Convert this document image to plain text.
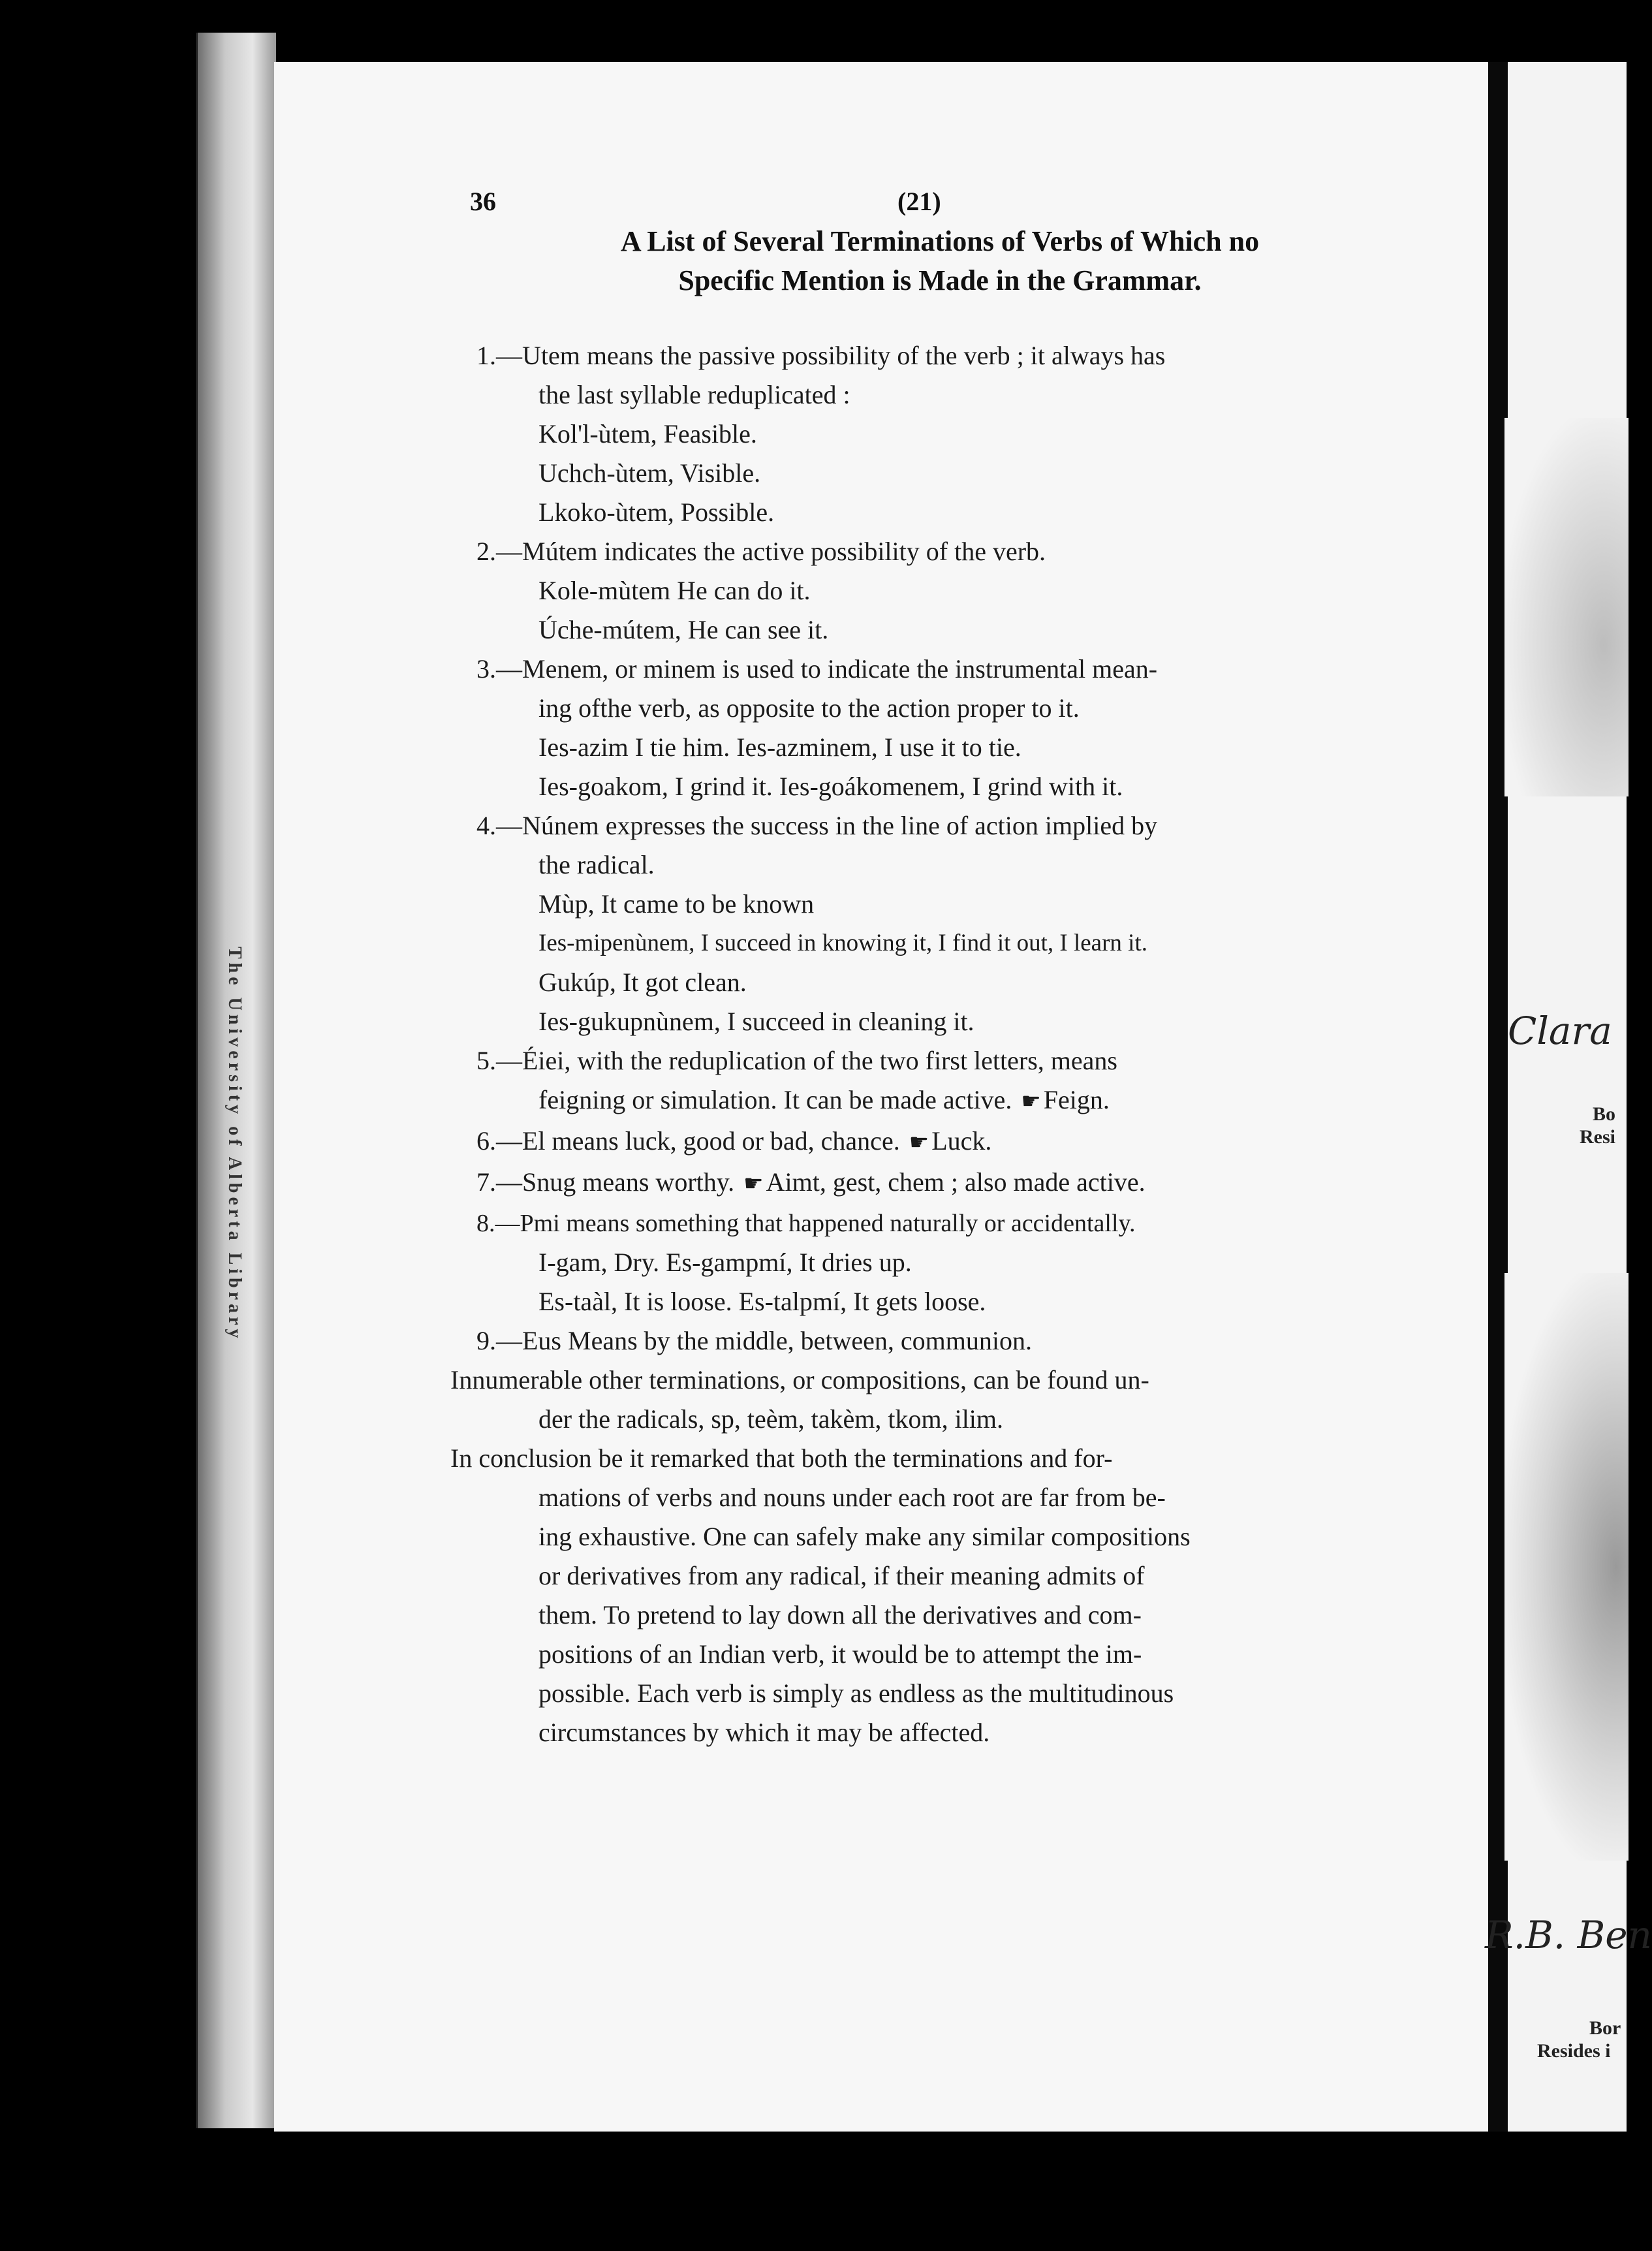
The University of Alberta Library
36	(21)
A List of Several Terminations of Verbs of Which no
Specific Mention is Made in the Grammar.
1.—Utem means the passive possibility of the verb ; it always has
the last syllable reduplicated :
Kol'l-ùtem, Feasible.
Uchch-ùtem, Visible.
Lkoko-ùtem, Possible.
2.—Mútem indicates the active possibility of the verb.
Kole-mùtem He can do it.
Úche-mútem, He can see it.
3.—Menem, or minem is used to indicate the instrumental mean-
ing ofthe verb, as opposite to the action proper to it.
Ies-azim I tie him. Ies-azminem, I use it to tie.
Ies-goakom, I grind it. Ies-goákomenem, I grind with it.
4.—Núnem expresses the success in the line of action implied by
the radical.
Mùp, It came to be known
Ies-mipenùnem, I succeed in knowing it, I find it out, I learn it.
Gukúp, It got clean.
Ies-gukupnùnem, I succeed in cleaning it.
5.—Éiei, with the reduplication of the two first letters, means
feigning or simulation. It can be made active. ☛ Feign.
6.—El means luck, good or bad, chance. ☛ Luck.
7.—Snug means worthy. ☛ Aimt, gest, chem ; also made active.
8.—Pmi means something that happened naturally or accidentally.
I-gam, Dry. Es-gampmí, It dries up.
Es-taàl, It is loose. Es-talpmí, It gets loose.
9.—Eus Means by the middle, between, communion.
Innumerable other terminations, or compositions, can be found un-
der the radicals, sp, teèm, takèm, tkom, ilim.
In conclusion be it remarked that both the terminations and for-
mations of verbs and nouns under each root are far from be-
ing exhaustive. One can safely make any similar compositions
or derivatives from any radical, if their meaning admits of
them. To pretend to lay down all the derivatives and com-
positions of an Indian verb, it would be to attempt the im-
possible. Each verb is simply as endless as the multitudinous
circumstances by which it may be affected.
Clara
Bo
Resi
R.B. Ben
Bor
Resides i
